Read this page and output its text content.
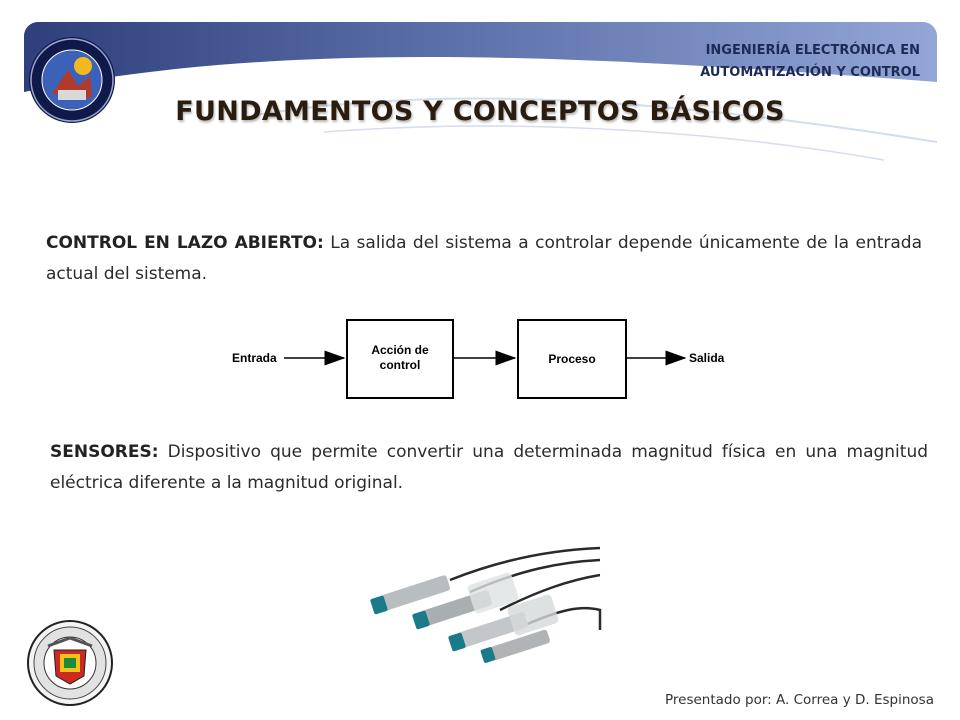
INGENIERÍA ELECTRÓNICA EN
AUTOMATIZACIÓN Y CONTROL
FUNDAMENTOS Y CONCEPTOS BÁSICOS
CONTROL EN LAZO ABIERTO: La salida del sistema a controlar depende únicamente de la entrada actual del sistema.
Entrada
Acción de
control	Proceso	Salida
SENSORES: Dispositivo que permite convertir una determinada magnitud física en una magnitud eléctrica diferente a la magnitud original.
Presentado por: A. Correa y D. Espinosa
